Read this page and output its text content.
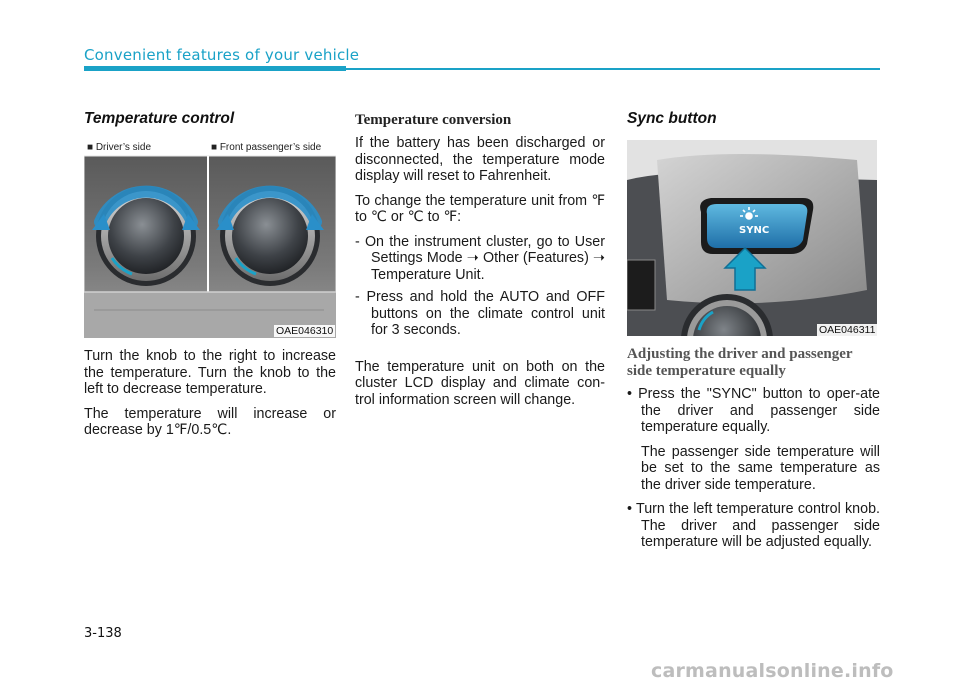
Convenient features of your vehicle
Temperature control
■ Driver’s side	■ Front passenger’s side
OAE046310

Turn the knob to the right to increase the temperature. Turn the knob to the left to decrease temperature.

The temperature will increase or decrease by 1℉/0.5℃.

Temperature conversion

If the battery has been discharged or disconnected, the temperature mode display will reset to Fahrenheit.

To change the temperature unit from ℉ to ℃ or ℃ to ℉:

- On the instrument cluster, go to User Settings Mode ➝ Other (Features) ➝ Temperature Unit.
- Press and hold the AUTO and OFF buttons on the climate control unit for 3 seconds.

The temperature unit on both on the cluster LCD display and climate con-trol information screen will change.

Sync button
SYNC
OAE046311
Adjusting the driver and passenger side temperature equally
• Press the "SYNC" button to oper-ate the driver and passenger side temperature equally.
The passenger side temperature will be set to the same temperature as the driver side temperature.
• Turn the left temperature control knob. The driver and passenger side temperature will be adjusted equally.
3-138
carmanualsonline.info
